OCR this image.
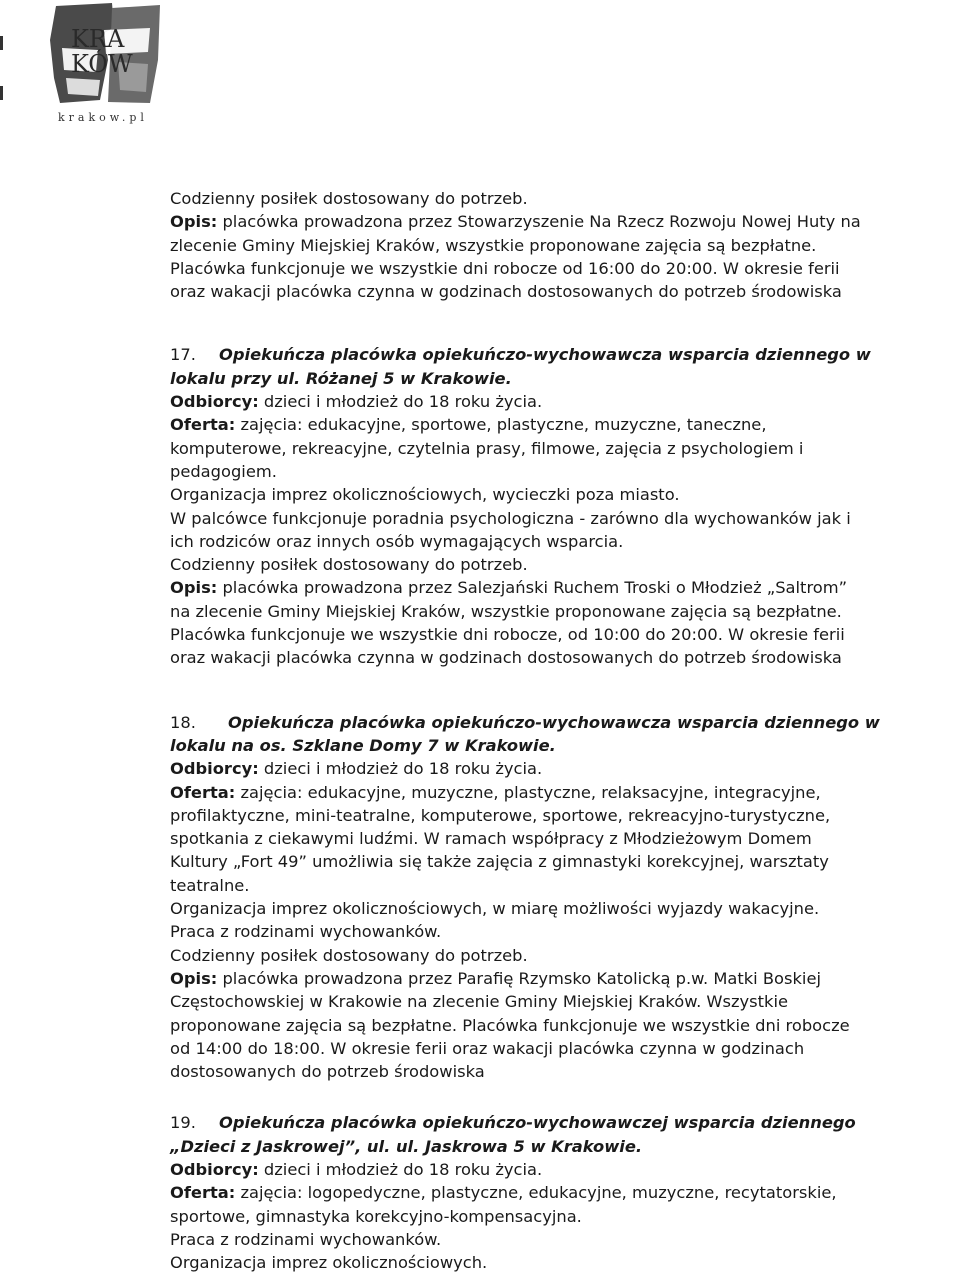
KRA
KÓW
krakow.pl
Codzienny posiłek dostosowany do potrzeb.
Opis: placówka prowadzona przez Stowarzyszenie Na Rzecz Rozwoju Nowej Huty na
zlecenie Gminy Miejskiej Kraków, wszystkie proponowane zajęcia są bezpłatne.
Placówka funkcjonuje we wszystkie dni robocze od 16:00 do 20:00. W okresie ferii
oraz wakacji placówka czynna w godzinach dostosowanych do potrzeb środowiska
17. Opiekuńcza placówka opiekuńczo-wychowawcza wsparcia dziennego w
lokalu przy ul. Różanej 5 w Krakowie.
Odbiorcy: dzieci i młodzież do 18 roku życia.
Oferta: zajęcia: edukacyjne, sportowe, plastyczne, muzyczne, taneczne,
komputerowe, rekreacyjne, czytelnia prasy, filmowe, zajęcia z psychologiem i
pedagogiem.
Organizacja imprez okolicznościowych, wycieczki poza miasto.
W palcówce funkcjonuje poradnia psychologiczna - zarówno dla wychowanków jak i
ich rodziców oraz innych osób wymagających wsparcia.
Codzienny posiłek dostosowany do potrzeb.
Opis: placówka prowadzona przez Salezjański Ruchem Troski o Młodzież „Saltrom”
na zlecenie Gminy Miejskiej Kraków, wszystkie proponowane zajęcia są bezpłatne.
Placówka funkcjonuje we wszystkie dni robocze, od 10:00 do 20:00. W okresie ferii
oraz wakacji placówka czynna w godzinach dostosowanych do potrzeb środowiska
18. Opiekuńcza placówka opiekuńczo-wychowawcza wsparcia dziennego w
lokalu na os. Szklane Domy 7 w Krakowie.
Odbiorcy: dzieci i młodzież do 18 roku życia.
Oferta: zajęcia: edukacyjne, muzyczne, plastyczne, relaksacyjne, integracyjne,
profilaktyczne, mini-teatralne, komputerowe, sportowe, rekreacyjno-turystyczne,
spotkania z ciekawymi ludźmi. W ramach współpracy z Młodzieżowym Domem
Kultury „Fort 49” umożliwia się także zajęcia z gimnastyki korekcyjnej, warsztaty
teatralne.
Organizacja imprez okolicznościowych, w miarę możliwości wyjazdy wakacyjne.
Praca z rodzinami wychowanków.
Codzienny posiłek dostosowany do potrzeb.
Opis: placówka prowadzona przez Parafię Rzymsko Katolicką p.w. Matki Boskiej
Częstochowskiej w Krakowie na zlecenie Gminy Miejskiej Kraków. Wszystkie
proponowane zajęcia są bezpłatne. Placówka funkcjonuje we wszystkie dni robocze
od 14:00 do 18:00. W okresie ferii oraz wakacji placówka czynna w godzinach
dostosowanych do potrzeb środowiska
19. Opiekuńcza placówka opiekuńczo-wychowawczej wsparcia dziennego
„Dzieci z Jaskrowej”, ul. ul. Jaskrowa 5 w Krakowie.
Odbiorcy: dzieci i młodzież do 18 roku życia.
Oferta: zajęcia: logopedyczne, plastyczne, edukacyjne, muzyczne, recytatorskie,
sportowe, gimnastyka korekcyjno-kompensacyjna.
Praca z rodzinami wychowanków.
Organizacja imprez okolicznościowych.
